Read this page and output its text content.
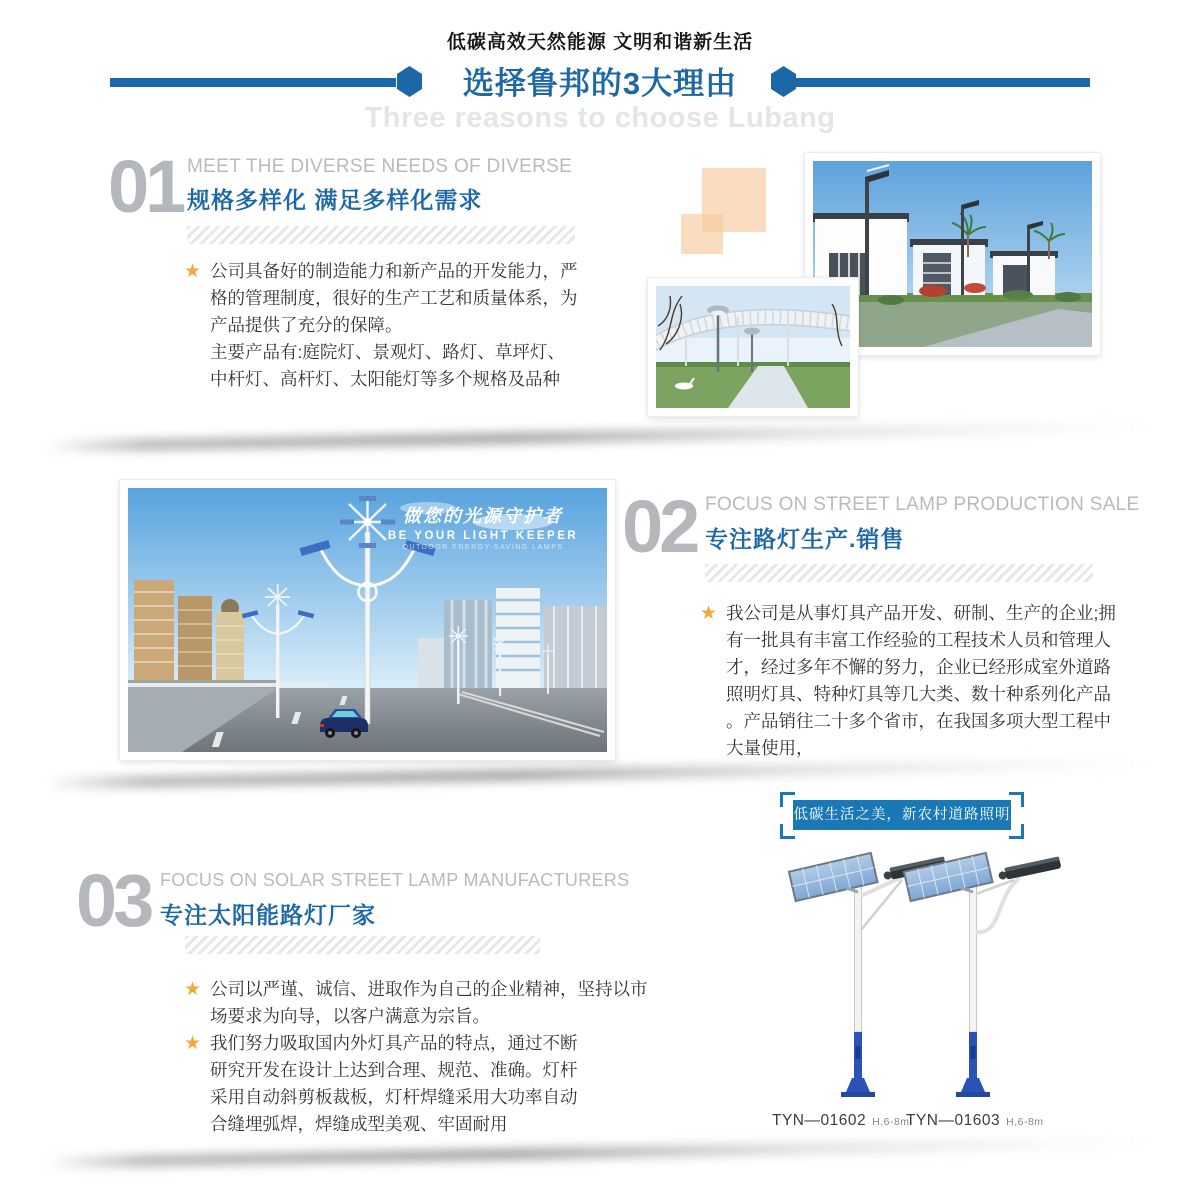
低碳高效天然能源 文明和谐新生活
选择鲁邦的3大理由
Three reasons to choose Lubang
01 MEET THE DIVERSE NEEDS OF DIVERSE
规格多样化 满足多样化需求
★ 公司具备好的制造能力和新产品的开发能力，严格的管理制度，很好的生产工艺和质量体系，为产品提供了充分的保障。
主要产品有:庭院灯、景观灯、路灯、草坪灯、中杆灯、高杆灯、太阳能灯等多个规格及品种
做您的光源守护者
BE YOUR LIGHT KEEPER
OUTDOOR ENERGY-SAVING LAMPS 02 FOCUS ON STREET LAMP PRODUCTION SALE
专注路灯生产.销售
★ 我公司是从事灯具产品开发、研制、生产的企业;拥有一批具有丰富工作经验的工程技术人员和管理人才，经过多年不懈的努力，企业已经形成室外道路照明灯具、特种灯具等几大类、数十种系列化产品。产品销往二十多个省市，在我国多项大型工程中大量使用，
低碳生活之美，新农村道路照明
03 FOCUS ON SOLAR STREET LAMP MANUFACTURERS
专注太阳能路灯厂家
★ 公司以严谨、诚信、进取作为自己的企业精神，坚持以市场要求为向导，以客户满意为宗旨。
★ 我们努力吸取国内外灯具产品的特点，通过不断研究开发在设计上达到合理、规范、准确。灯杆采用自动斜剪板裁板，灯杆焊缝采用大功率自动合缝埋弧焊，焊缝成型美观、牢固耐用	TYN—01602 H,6-8m
TYN—01603 H,6-8m
